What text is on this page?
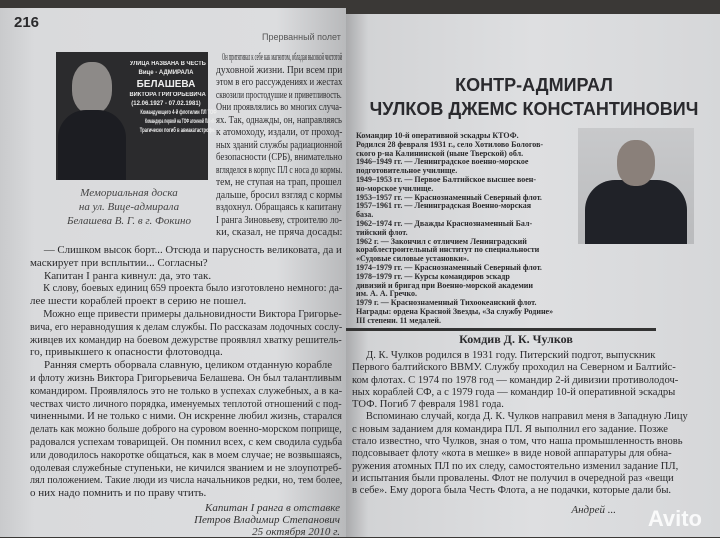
216
Прерванный полет
УЛИЦА НАЗВАНА В ЧЕСТЬ
Вице - АДМИРАЛА
БЕЛАШЕВА
ВИКТОРА ГРИГОРЬЕВИЧА
(12.06.1927 - 07.02.1981)
Командующего 4-й флотилии ПЛ ТОФ
Командира первой на ТОФ атомной ПЛ «К-45»
Трагически погиб в авиакатастрофе.
Мемориальная доска
на ул. Вице-адмирала
Белашева В. Г. в г. Фокино
Он притягивал к себе как магнитом, обладая высокой чистотой
духовной жизни. При всем при
этом в его рассуждениях и жестах
сквозили простодушие и приветливость.
Они проявлялись во многих случа-
ях. Так, однажды, он, направляясь
к атомоходу, издали, от проход-
ных зданий службы радиационной
безопасности (СРБ), внимательно
вгляделся в корпус ПЛ с носа до кормы.
тем, не ступая на трап, прошел
дальше, бросил взгляд с кормы
вздохнул. Обращаясь к капитану
I ранга Зиновьеву, строителю ло-
ки, сказал, не пряча досады:
— Слишком высок борт... Отсюда и парусность великовата, да и
маскирует при всплытии... Согласны?
Капитан I ранга кивнул: да, это так.
К слову, боевых единиц 659 проекта было изготовлено немного: да-
лее шести кораблей проект в серию не пошел.
Можно еще привести примеры дальновидности Виктора Григорье-
вича, его неравнодушия к делам службы. По рассказам лодочных сослу-
живцев их командир на боевом дежурстве проявлял хватку решитель-
го, привыкшего к опасности флотоводца.
Ранняя смерть оборвала славную, целиком отданную корабле
и флоту жизнь Виктора Григорьевича Белашева. Он был талантливым
командиром. Проявлялось это не только в успехах служебных, а в ка-
чествах чисто личного порядка, именуемых теплотой отношений с под-
чиненными. И не только с ними. Он искренне любил жизнь, старался
делать как можно больше доброго на суровом военно-морском поприще,
радовался успехам товарищей. Он помнил всех, с кем сводила судьба
или доводилось накоротке общаться, как в моем случае; не возвышаясь,
одолевая служебные ступеньки, не кичился званием и не злоупотреб-
лял положением. Такие люди из числа начальников редки, но, тем более,
о них надо помнить и по праву чтить.
Капитан I ранга в отставке
Петров Владимир Степанович
25 октября 2010 г.
КОНТР-АДМИРАЛ
ЧУЛКОВ ДЖЕМС КОНСТАНТИНОВИЧ
Командир 10-й оперативной эскадры КТОФ.
Родился 28 февраля 1931 г., село Хотилово Бологов-
ского р-на Калининской (ныне Тверской) обл.
1946–1949 гг. — Ленинградское военно-морское
подготовительное училище.
1949–1953 гг. — Первое Балтийское высшее воен-
но-морское училище.
1953–1957 гг. — Краснознаменный Северный флот.
1957–1961 гг. — Ленинградская Военно-морская
база.
1962–1974 гг. — Дважды Краснознаменный Бал-
тийский флот.
1962 г. — Закончил с отличием Ленинградский
кораблестроительный институт по специальности
«Судовые силовые установки».
1974–1979 гг. — Краснознаменный Северный флот.
1978–1979 гг. — Курсы командиров эскадр
дивизий и бригад при Военно-морской академии
им. А. А. Гречко.
1979 г. — Краснознаменный Тихоокеанский флот.
Награды: ордена Красной Звезды, «За службу Родине»
III степени. 11 медалей.
Комдив Д. К. Чулков
Д. К. Чулков родился в 1931 году. Питерский подгот, выпускник
Первого балтийского ВВМУ. Службу проходил на Северном и Балтийс-
ком флотах. С 1974 по 1978 год — командир 2-й дивизии противолодоч-
ных кораблей СФ, а с 1979 года — командир 10-й оперативной эскадры
ТОФ. Погиб 7 февраля 1981 года.
Вспоминаю случай, когда Д. К. Чулков направил меня в Западную Лицу
с новым заданием для командира ПЛ. Я выполнил его задание. Позже
стало известно, что Чулков, зная о том, что наша промышленность вновь
подсовывает флоту «кота в мешке» в виде новой аппаратуры для обна-
ружения атомных ПЛ по их следу, самостоятельно изменил задание ПЛ,
и испытания были провалены. Флот не получил в очередной раз «вещи
в себе». Ему дорога была Честь Флота, а не подачки, которые дали бы.
Андрей ... Avito
